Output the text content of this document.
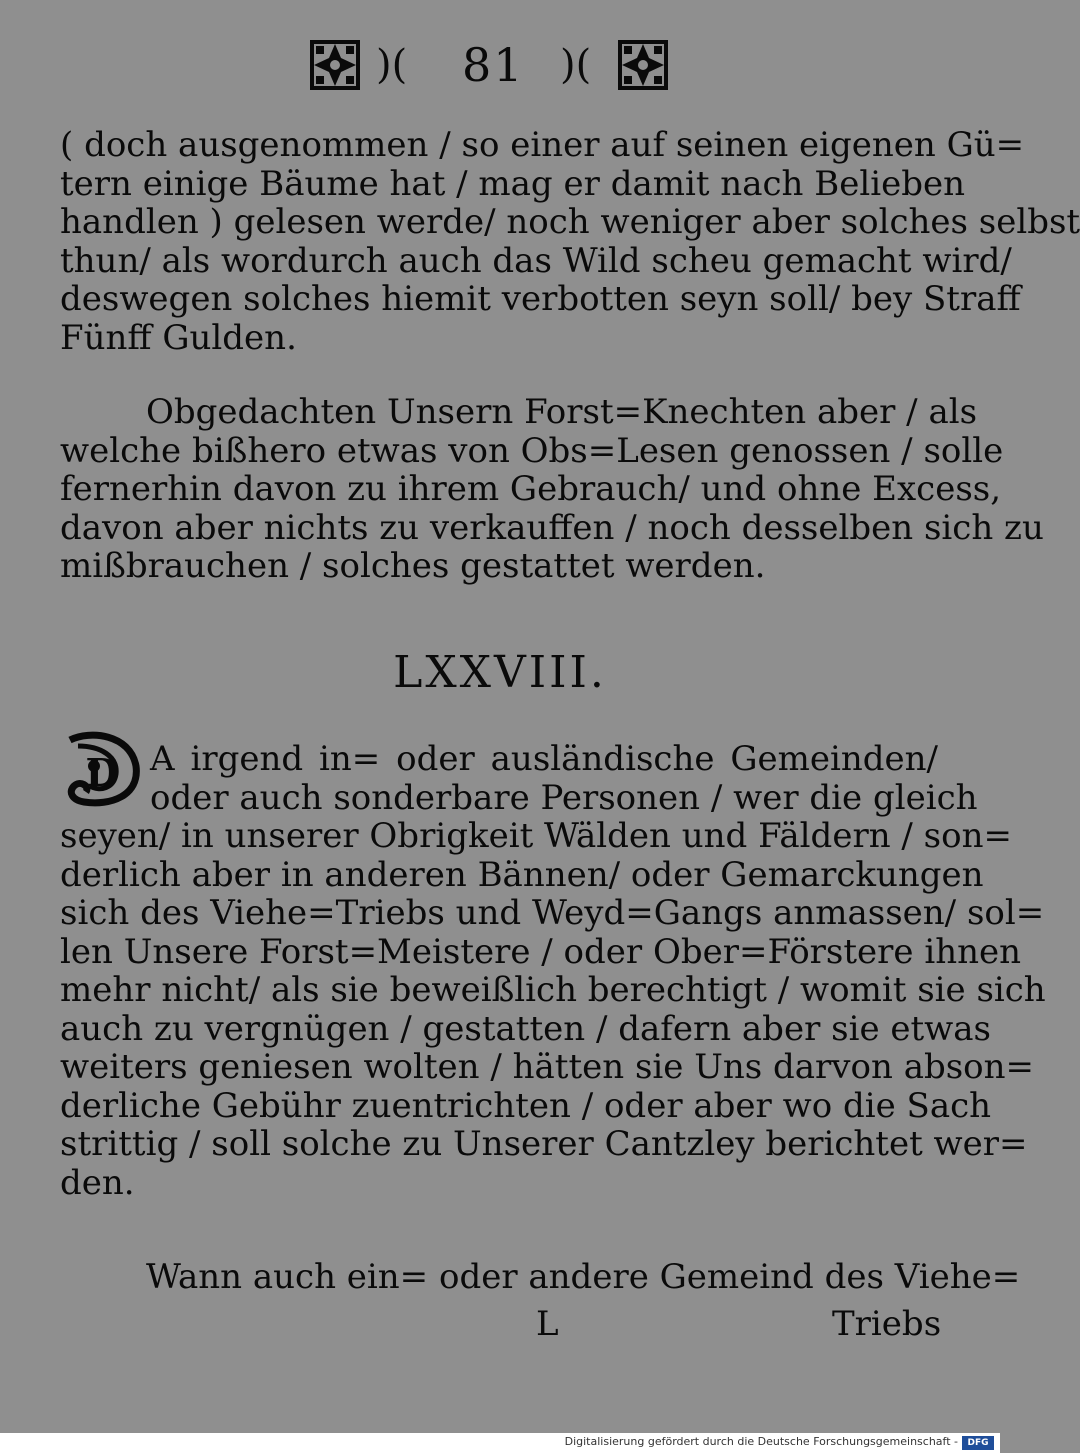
)( 81 )(
( doch ausgenommen / so einer auf seinen eigenen Gü=
tern einige Bäume hat / mag er damit nach Belieben
handlen ) gelesen werde/ noch weniger aber solches selbst
thun/ als wordurch auch das Wild scheu gemacht wird/
deswegen solches hiemit verbotten seyn soll/ bey Straff
Fünff Gulden.
Obgedachten Unsern Forst=Knechten aber / als
welche bißhero etwas von Obs=Lesen genossen / solle
fernerhin davon zu ihrem Gebrauch/ und ohne Excess,
davon aber nichts zu verkauffen / noch desselben sich zu
mißbrauchen / solches gestattet werden.
LXXVIII.
D A irgend in= oder ausländische Gemeinden/
oder auch sonderbare Personen / wer die gleich
seyen/ in unserer Obrigkeit Wälden und Fäldern / son=
derlich aber in anderen Bännen/ oder Gemarckungen
sich des Viehe=Triebs und Weyd=Gangs anmassen/ sol=
len Unsere Forst=Meistere / oder Ober=Förstere ihnen
mehr nicht/ als sie beweißlich berechtigt / womit sie sich
auch zu vergnügen / gestatten / dafern aber sie etwas
weiters geniesen wolten / hätten sie Uns darvon abson=
derliche Gebühr zuentrichten / oder aber wo die Sach
strittig / soll solche zu Unserer Cantzley berichtet wer=
den.
Wann auch ein= oder andere Gemeind des Viehe=
L	Triebs
Digitalisierung gefördert durch die Deutsche Forschungsgemeinschaft -	DFG
